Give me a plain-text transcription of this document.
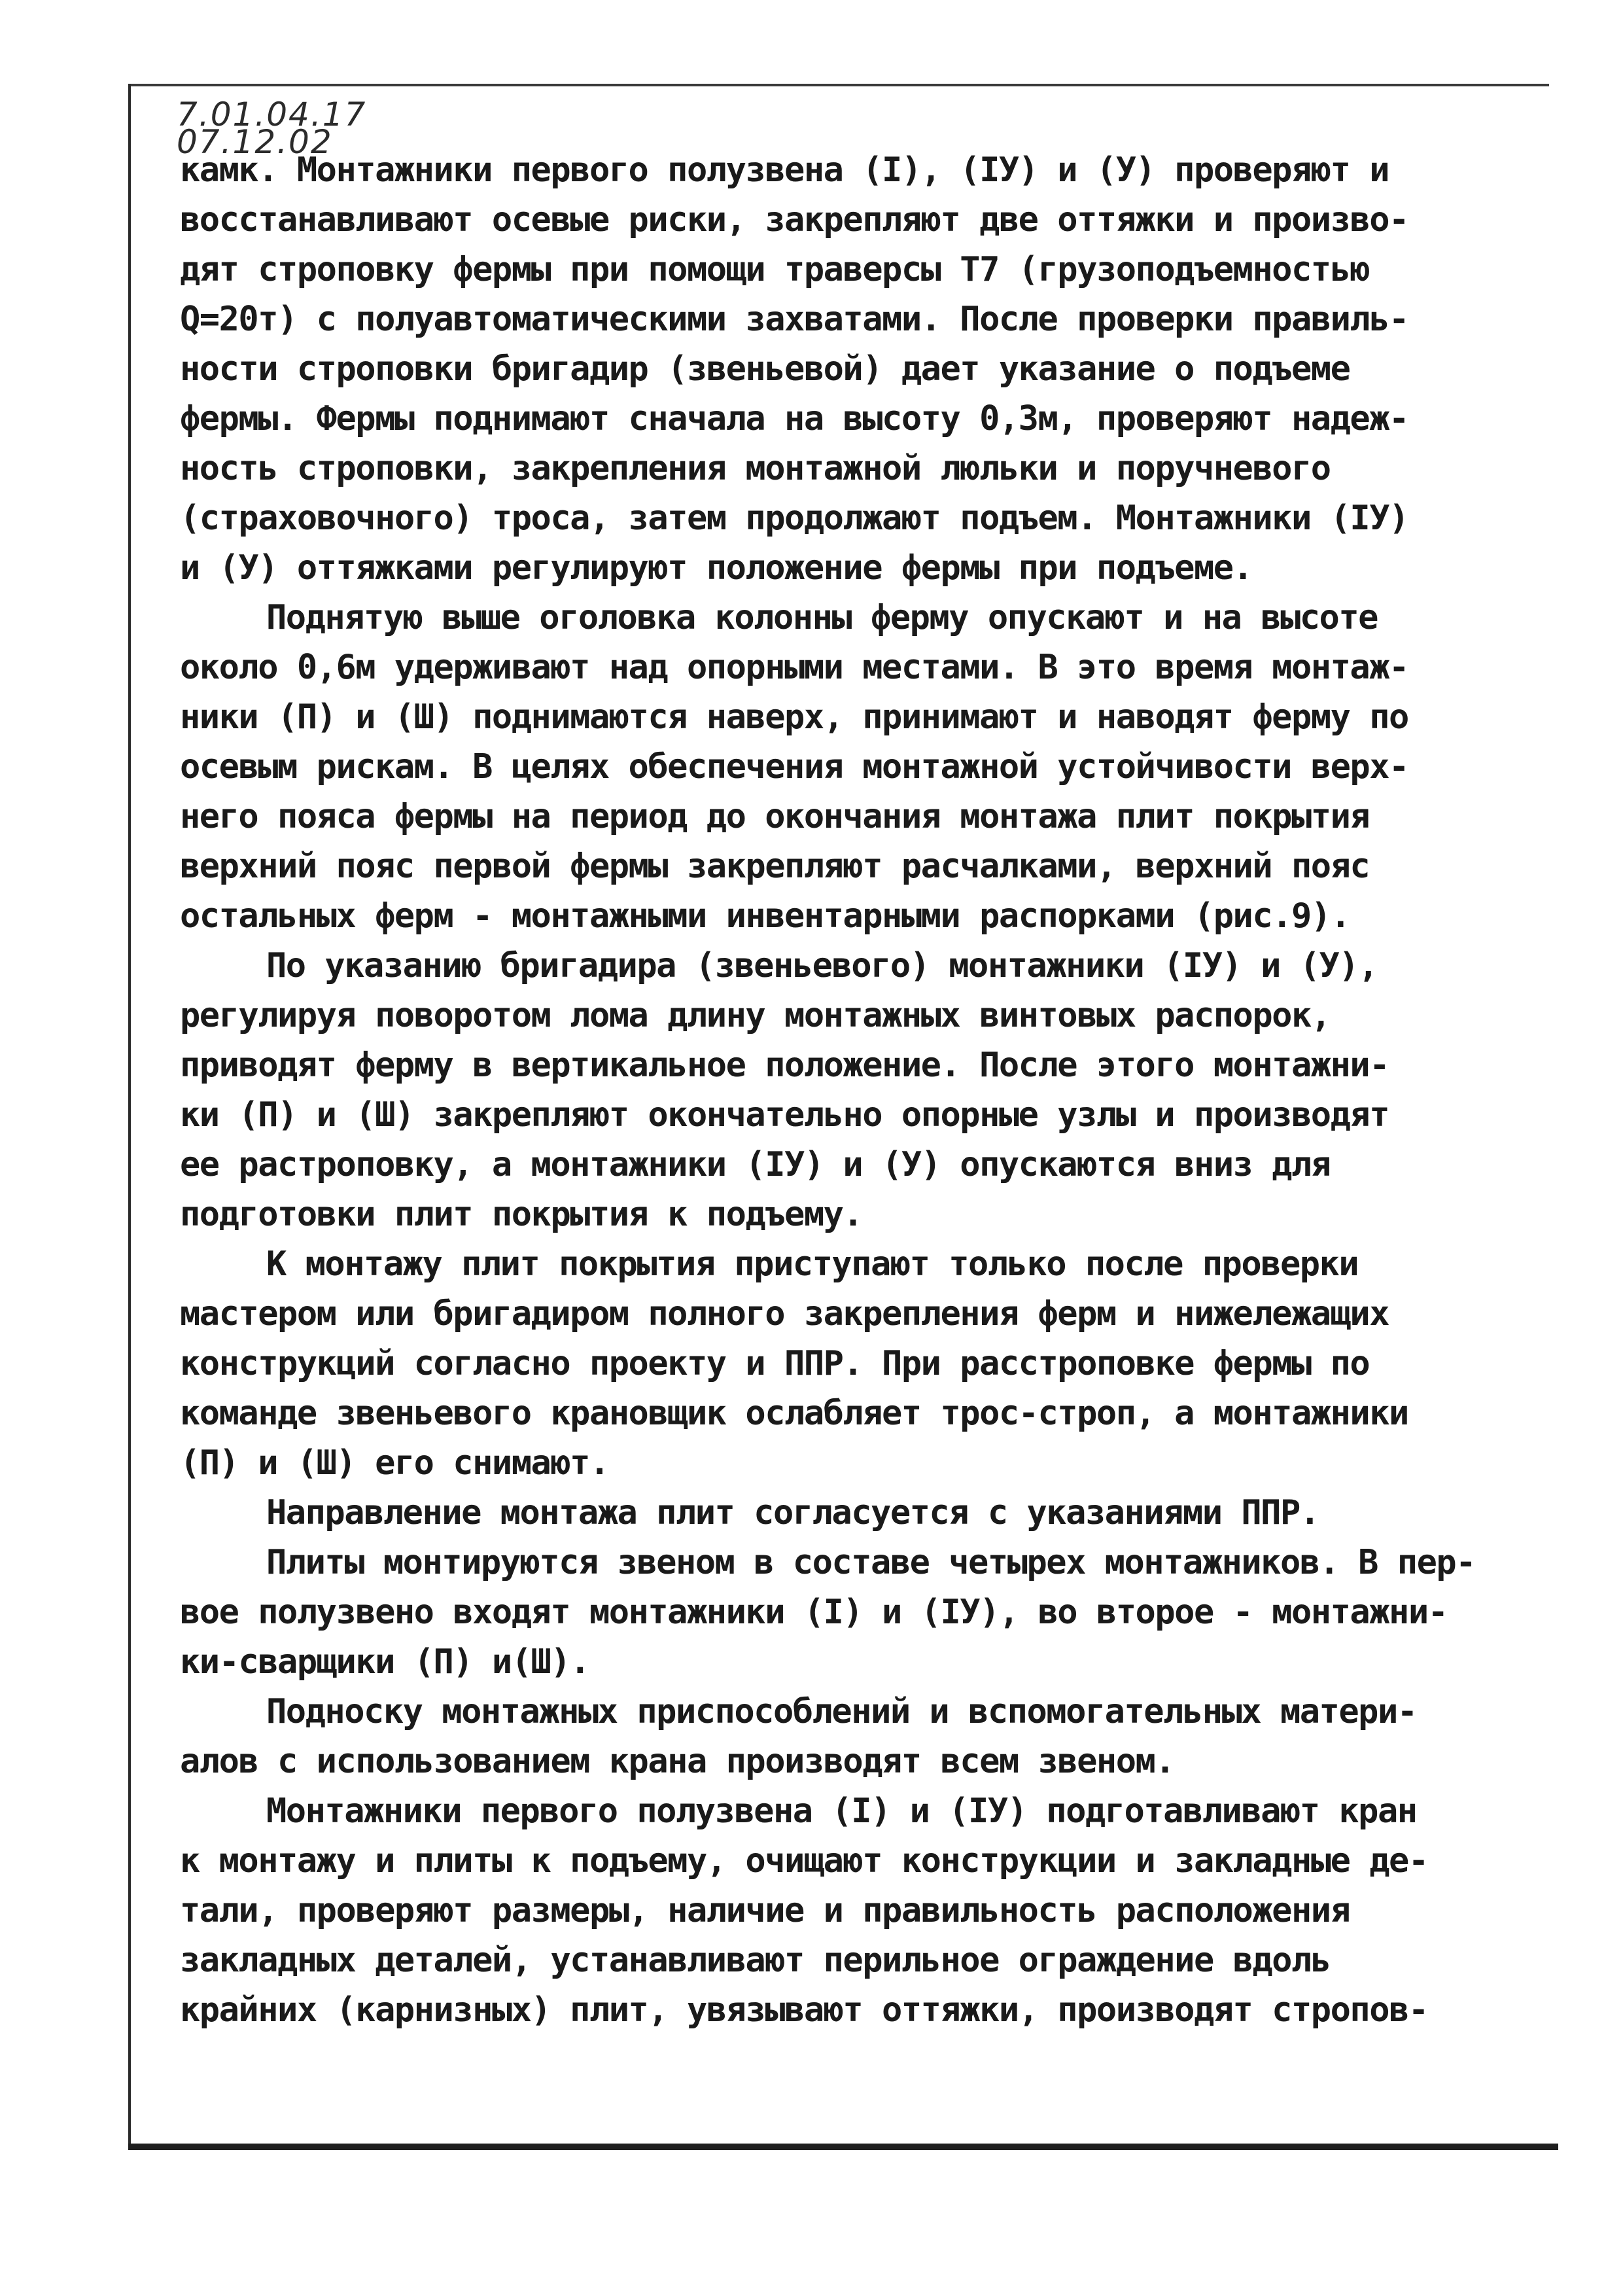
7.01.04.17
07.12.02
камк. Монтажники первого полузвена (I), (IУ) и (У) проверяют и
восстанавливают осевые риски, закрепляют две оттяжки и произво-
дят строповку фермы при помощи траверсы Т7 (грузоподъемностью
Q=20т) с полуавтоматическими захватами. После проверки правиль-
ности строповки бригадир (звеньевой) дает указание о подъеме
фермы. Фермы поднимают сначала на высоту 0,3м, проверяют надеж-
ность строповки, закрепления монтажной люльки и поручневого
(страховочного) троса, затем продолжают подъем. Монтажники (IУ)
и (У) оттяжками регулируют положение фермы при подъеме.
Поднятую выше оголовка колонны ферму опускают и на высоте
около 0,6м удерживают над опорными местами. В это время монтаж-
ники (П) и (Ш) поднимаются наверх, принимают и наводят ферму по
осевым рискам. В целях обеспечения монтажной устойчивости верх-
него пояса фермы на период до окончания монтажа плит покрытия
верхний пояс первой фермы закрепляют расчалками, верхний пояс
остальных ферм - монтажными инвентарными распорками (рис.9).
По указанию бригадира (звеньевого) монтажники (IУ) и (У),
регулируя поворотом лома длину монтажных винтовых распорок,
приводят ферму в вертикальное положение. После этого монтажни-
ки (П) и (Ш) закрепляют окончательно опорные узлы и производят
ее растроповку, а монтажники (IУ) и (У) опускаются вниз для
подготовки плит покрытия к подъему.
К монтажу плит покрытия приступают только после проверки
мастером или бригадиром полного закрепления ферм и нижележащих
конструкций согласно проекту и ППР. При расстроповке фермы по
команде звеньевого крановщик ослабляет трос-строп, а монтажники
(П) и (Ш) его снимают.
Направление монтажа плит согласуется с указаниями ППР.
Плиты монтируются звеном в составе четырех монтажников. В пер-
вое полузвено входят монтажники (I) и (IУ), во второе - монтажни-
ки-сварщики (П) и(Ш).
Подноску монтажных приспособлений и вспомогательных матери-
алов с использованием крана производят всем звеном.
Монтажники первого полузвена (I) и (IУ) подготавливают кран
к монтажу и плиты к подъему, очищают конструкции и закладные де-
тали, проверяют размеры, наличие и правильность расположения
закладных деталей, устанавливают перильное ограждение вдоль
крайних (карнизных) плит, увязывают оттяжки, производят стропов-
